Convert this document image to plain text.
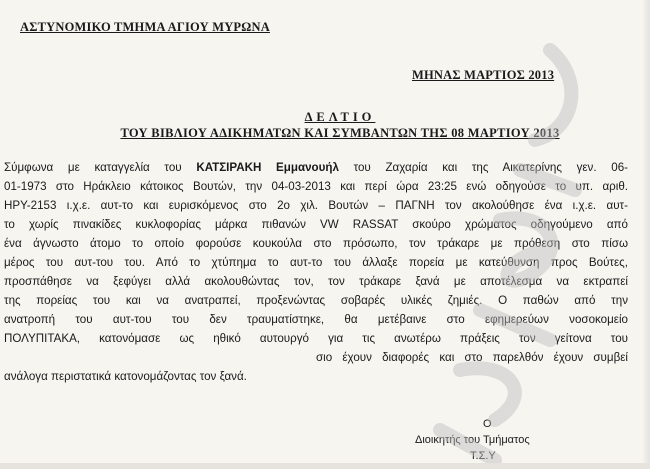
ΑΣΤΥΝΟΜΙΚΟ ΤΜΗΜΑ ΑΓΙΟΥ ΜΥΡΩΝΑ
ΜΗΝΑΣ ΜΑΡΤΙΟΣ 2013
ΔΕΛΤΙΟ
ΤΟΥ ΒΙΒΛΙΟΥ ΑΔΙΚΗΜΑΤΩΝ ΚΑΙ ΣΥΜΒΑΝΤΩΝ ΤΗΣ 08 ΜΑΡΤΙΟΥ 2013
Σύμφωνα με καταγγελία του ΚΑΤΣΙΡΑΚΗ Εμμανουήλ του Ζαχαρία και της Αικατερίνης γεν. 06-
01-1973 στο Ηράκλειο κάτοικος Βουτών, την 04-03-2013 και περί ώρα 23:25 ενώ οδηγούσε το υπ. αριθ.
ΗΡΥ-2153 ι.χ.ε. αυτ-το και ευρισκόμενος στο 2ο χιλ. Βουτών – ΠΑΓΝΗ τον ακολούθησε ένα ι.χ.ε. αυτ-
το χωρίς πινακίδες κυκλοφορίας μάρκα πιθανών VW RASSAT σκούρο χρώματος οδηγούμενο από
ένα άγνωστο άτομο το οποίο φορούσε κουκούλα στο πρόσωπο, τον τράκαρε με πρόθεση στο πίσω
μέρος του αυτ-του του. Από το χτύπημα το αυτ-το του άλλαξε πορεία με κατεύθυνση προς Βούτες,
προσπάθησε να ξεφύγει αλλά ακολουθώντας τον, τον τράκαρε ξανά με αποτέλεσμα να εκτραπεί
της πορείας του και να ανατραπεί, προξενώντας σοβαρές υλικές ζημιές. Ο παθών από την
ανατροπή του αυτ-του του δεν τραυματίστηκε, θα μετέβαινε στο εφημερεύων νοσοκομείο
ΠΟΛΥΠΙΤΑΚΑ, κατονόμασε ως ηθικό αυτουργό για τις ανωτέρω πράξεις τον γείτονα του
σιο έχουν διαφορές και στο παρελθόν έχουν συμβεί
ανάλογα περιστατικά κατονομάζοντας τον ξανά.
Ο
Διοικητής του Τμήματος
Τ.Σ.Υ
